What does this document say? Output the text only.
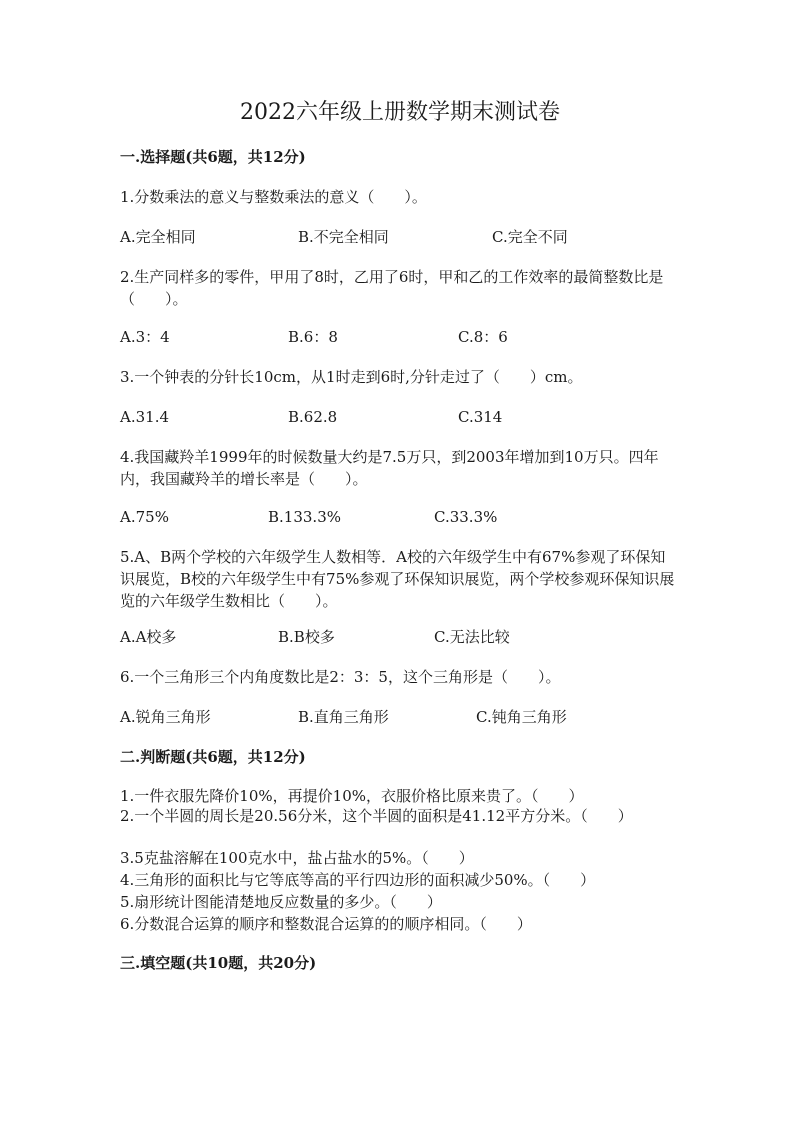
2022六年级上册数学期末测试卷
一.选择题(共6题，共12分)
1.分数乘法的意义与整数乘法的意义（　　）。
A.完全相同	B.不完全相同	C.完全不同
2.生产同样多的零件，甲用了8时，乙用了6时，甲和乙的工作效率的最简整数比是（　　）。
A.3：4	B.6：8	C.8：6
3.一个钟表的分针长10cm，从1时走到6时,分针走过了（　　）cm。
A.31.4	B.62.8	C.314
4.我国藏羚羊1999年的时候数量大约是7.5万只，到2003年增加到10万只。四年内，我国藏羚羊的增长率是（　　）。
A.75%	B.133.3%	C.33.3%
5.A、B两个学校的六年级学生人数相等．A校的六年级学生中有67%参观了环保知识展览，B校的六年级学生中有75%参观了环保知识展览，两个学校参观环保知识展览的六年级学生数相比（　　）。
A.A校多	B.B校多	C.无法比较
6.一个三角形三个内角度数比是2：3：5，这个三角形是（　　）。
A.锐角三角形	B.直角三角形	C.钝角三角形
二.判断题(共6题，共12分)
1.一件衣服先降价10%，再提价10%，衣服价格比原来贵了。（　　）
2.一个半圆的周长是20.56分米，这个半圆的面积是41.12平方分米。（　　）
3.5克盐溶解在100克水中，盐占盐水的5%。（　　）
4.三角形的面积比与它等底等高的平行四边形的面积减少50%。（　　）
5.扇形统计图能清楚地反应数量的多少。（　　）
6.分数混合运算的顺序和整数混合运算的的顺序相同。（　　）
三.填空题(共10题，共20分)
